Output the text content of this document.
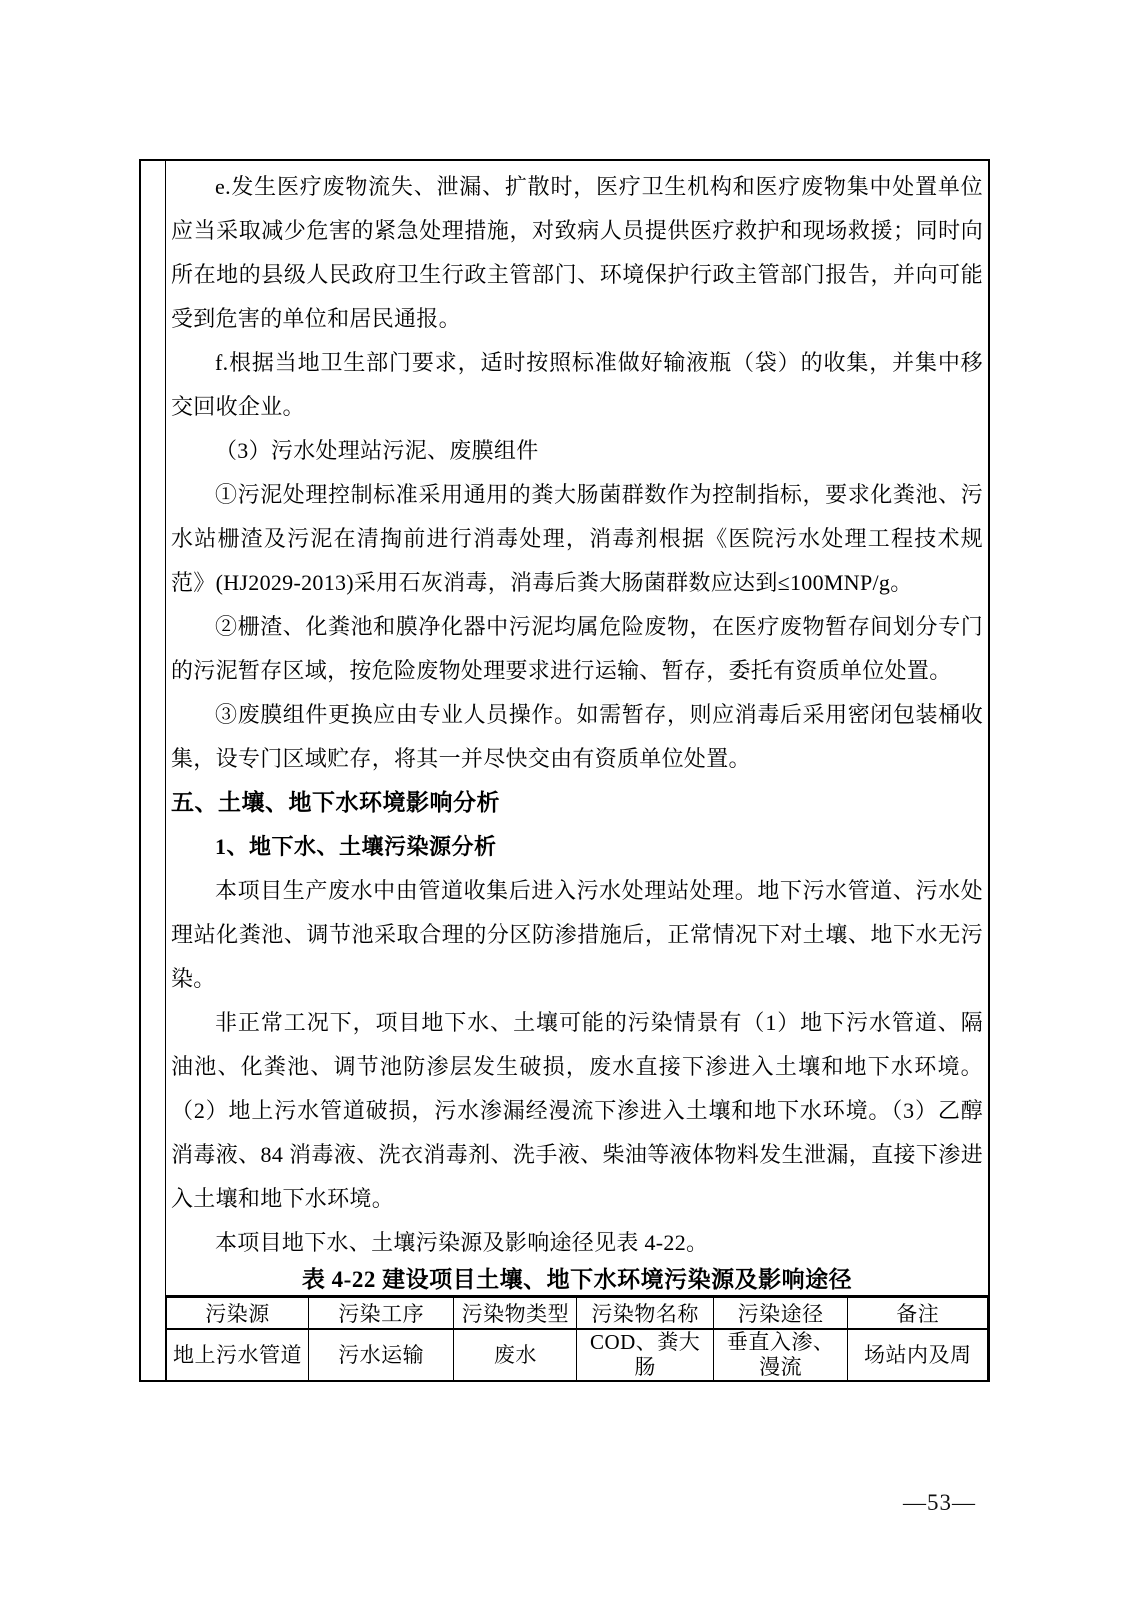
e.发生医疗废物流失、泄漏、扩散时，医疗卫生机构和医疗废物集中处置单位应当采取减少危害的紧急处理措施，对致病人员提供医疗救护和现场救援；同时向所在地的县级人民政府卫生行政主管部门、环境保护行政主管部门报告，并向可能受到危害的单位和居民通报。
f.根据当地卫生部门要求，适时按照标准做好输液瓶（袋）的收集，并集中移交回收企业。
（3）污水处理站污泥、废膜组件
①污泥处理控制标准采用通用的粪大肠菌群数作为控制指标，要求化粪池、污水站栅渣及污泥在清掏前进行消毒处理，消毒剂根据《医院污水处理工程技术规范》(HJ2029-2013)采用石灰消毒，消毒后粪大肠菌群数应达到≤100MNP/g。
②栅渣、化粪池和膜净化器中污泥均属危险废物，在医疗废物暂存间划分专门的污泥暂存区域，按危险废物处理要求进行运输、暂存，委托有资质单位处置。
③废膜组件更换应由专业人员操作。如需暂存，则应消毒后采用密闭包装桶收集，设专门区域贮存，将其一并尽快交由有资质单位处置。
五、土壤、地下水环境影响分析
1、地下水、土壤污染源分析
本项目生产废水中由管道收集后进入污水处理站处理。地下污水管道、污水处理站化粪池、调节池采取合理的分区防渗措施后，正常情况下对土壤、地下水无污染。
非正常工况下，项目地下水、土壤可能的污染情景有（1）地下污水管道、隔油池、化粪池、调节池防渗层发生破损，废水直接下渗进入土壤和地下水环境。（2）地上污水管道破损，污水渗漏经漫流下渗进入土壤和地下水环境。（3）乙醇消毒液、84 消毒液、洗衣消毒剂、洗手液、柴油等液体物料发生泄漏，直接下渗进入土壤和地下水环境。
本项目地下水、土壤污染源及影响途径见表 4-22。
表 4-22 建设项目土壤、地下水环境污染源及影响途径
污染源	污染工序	污染物类型	污染物名称	污染途径	备注
地上污水管道	污水运输	废水	COD、粪大肠	垂直入渗、漫流	场站内及周
—53—
